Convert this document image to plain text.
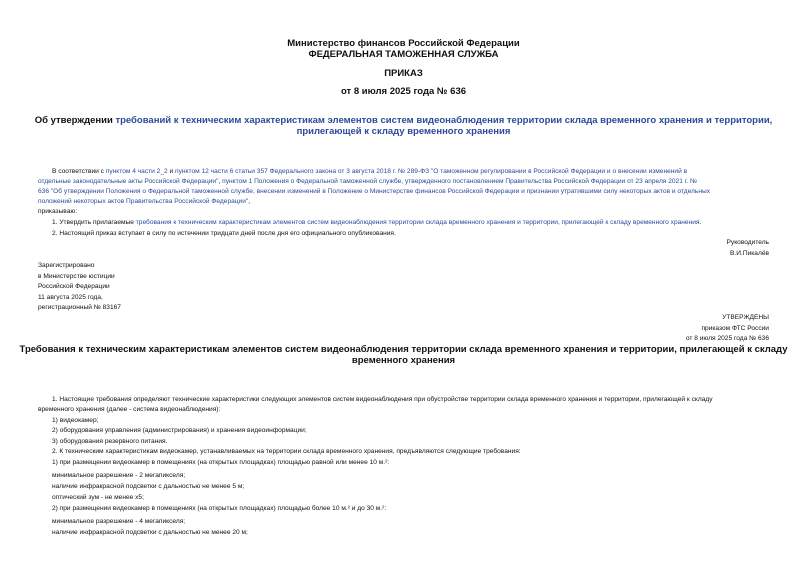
Министерство финансов Российской Федерации
ФЕДЕРАЛЬНАЯ ТАМОЖЕННАЯ СЛУЖБА
ПРИКАЗ
от 8 июля 2025 года № 636
Об утверждении требований к техническим характеристикам элементов систем видеонаблюдения территории склада временного хранения и территории,
прилегающей к складу временного хранения
В соответствии с пунктом 4 части 2_2 и пунктом 12 части 6 статьи 357 Федерального закона от 3 августа 2018 г. № 289-ФЗ "О таможенном регулировании в Российской Федерации и о внесении изменений в
отдельные законодательные акты Российской Федерации", пунктом 1 Положения о Федеральной таможенной службе, утвержденного постановлением Правительства Российской Федерации от 23 апреля 2021 г. №
636 "Об утверждении Положения о Федеральной таможенной службе, внесении изменений в Положение о Министерстве финансов Российской Федерации и признании утратившими силу некоторых актов и отдельных
положений некоторых актов Правительства Российской Федерации",
приказываю:
1. Утвердить прилагаемые требования к техническим характеристикам элементов систем видеонаблюдения территории склада временного хранения и территории, прилегающей к складу временного хранения.
2. Настоящий приказ вступает в силу по истечении тридцати дней после дня его официального опубликования.
Руководитель
В.И.Пикалёв
Зарегистрировано
в Министерстве юстиции
Российской Федерации
11 августа 2025 года,
регистрационный № 83167
УТВЕРЖДЕНЫ
приказом ФТС России
от 8 июля 2025 года № 636
Требования к техническим характеристикам элементов систем видеонаблюдения территории склада временного хранения и территории, прилегающей к складу
временного хранения
1. Настоящие требования определяют технические характеристики следующих элементов систем видеонаблюдения при обустройстве территории склада временного хранения и территории, прилегающей к складу
временного хранения (далее - система видеонаблюдения):
1) видеокамер;
2) оборудования управления (администрирования) и хранения видеоинформации;
3) оборудования резервного питания.
2. К техническим характеристикам видеокамер, устанавливаемых на территории склада временного хранения, предъявляются следующие требования:
1) при размещении видеокамер в помещениях (на открытых площадках) площадью равной или менее 10 м.²:
минимальное разрешение - 2 мегапикселя;
наличие инфракрасной подсветки с дальностью не менее 5 м;
оптический зум - не менее х5;
2) при размещении видеокамер в помещениях (на открытых площадках) площадью более 10 м.² и до 30 м.²:
минимальное разрешение - 4 мегапикселя;
наличие инфракрасной подсветки с дальностью не менее 20 м;
